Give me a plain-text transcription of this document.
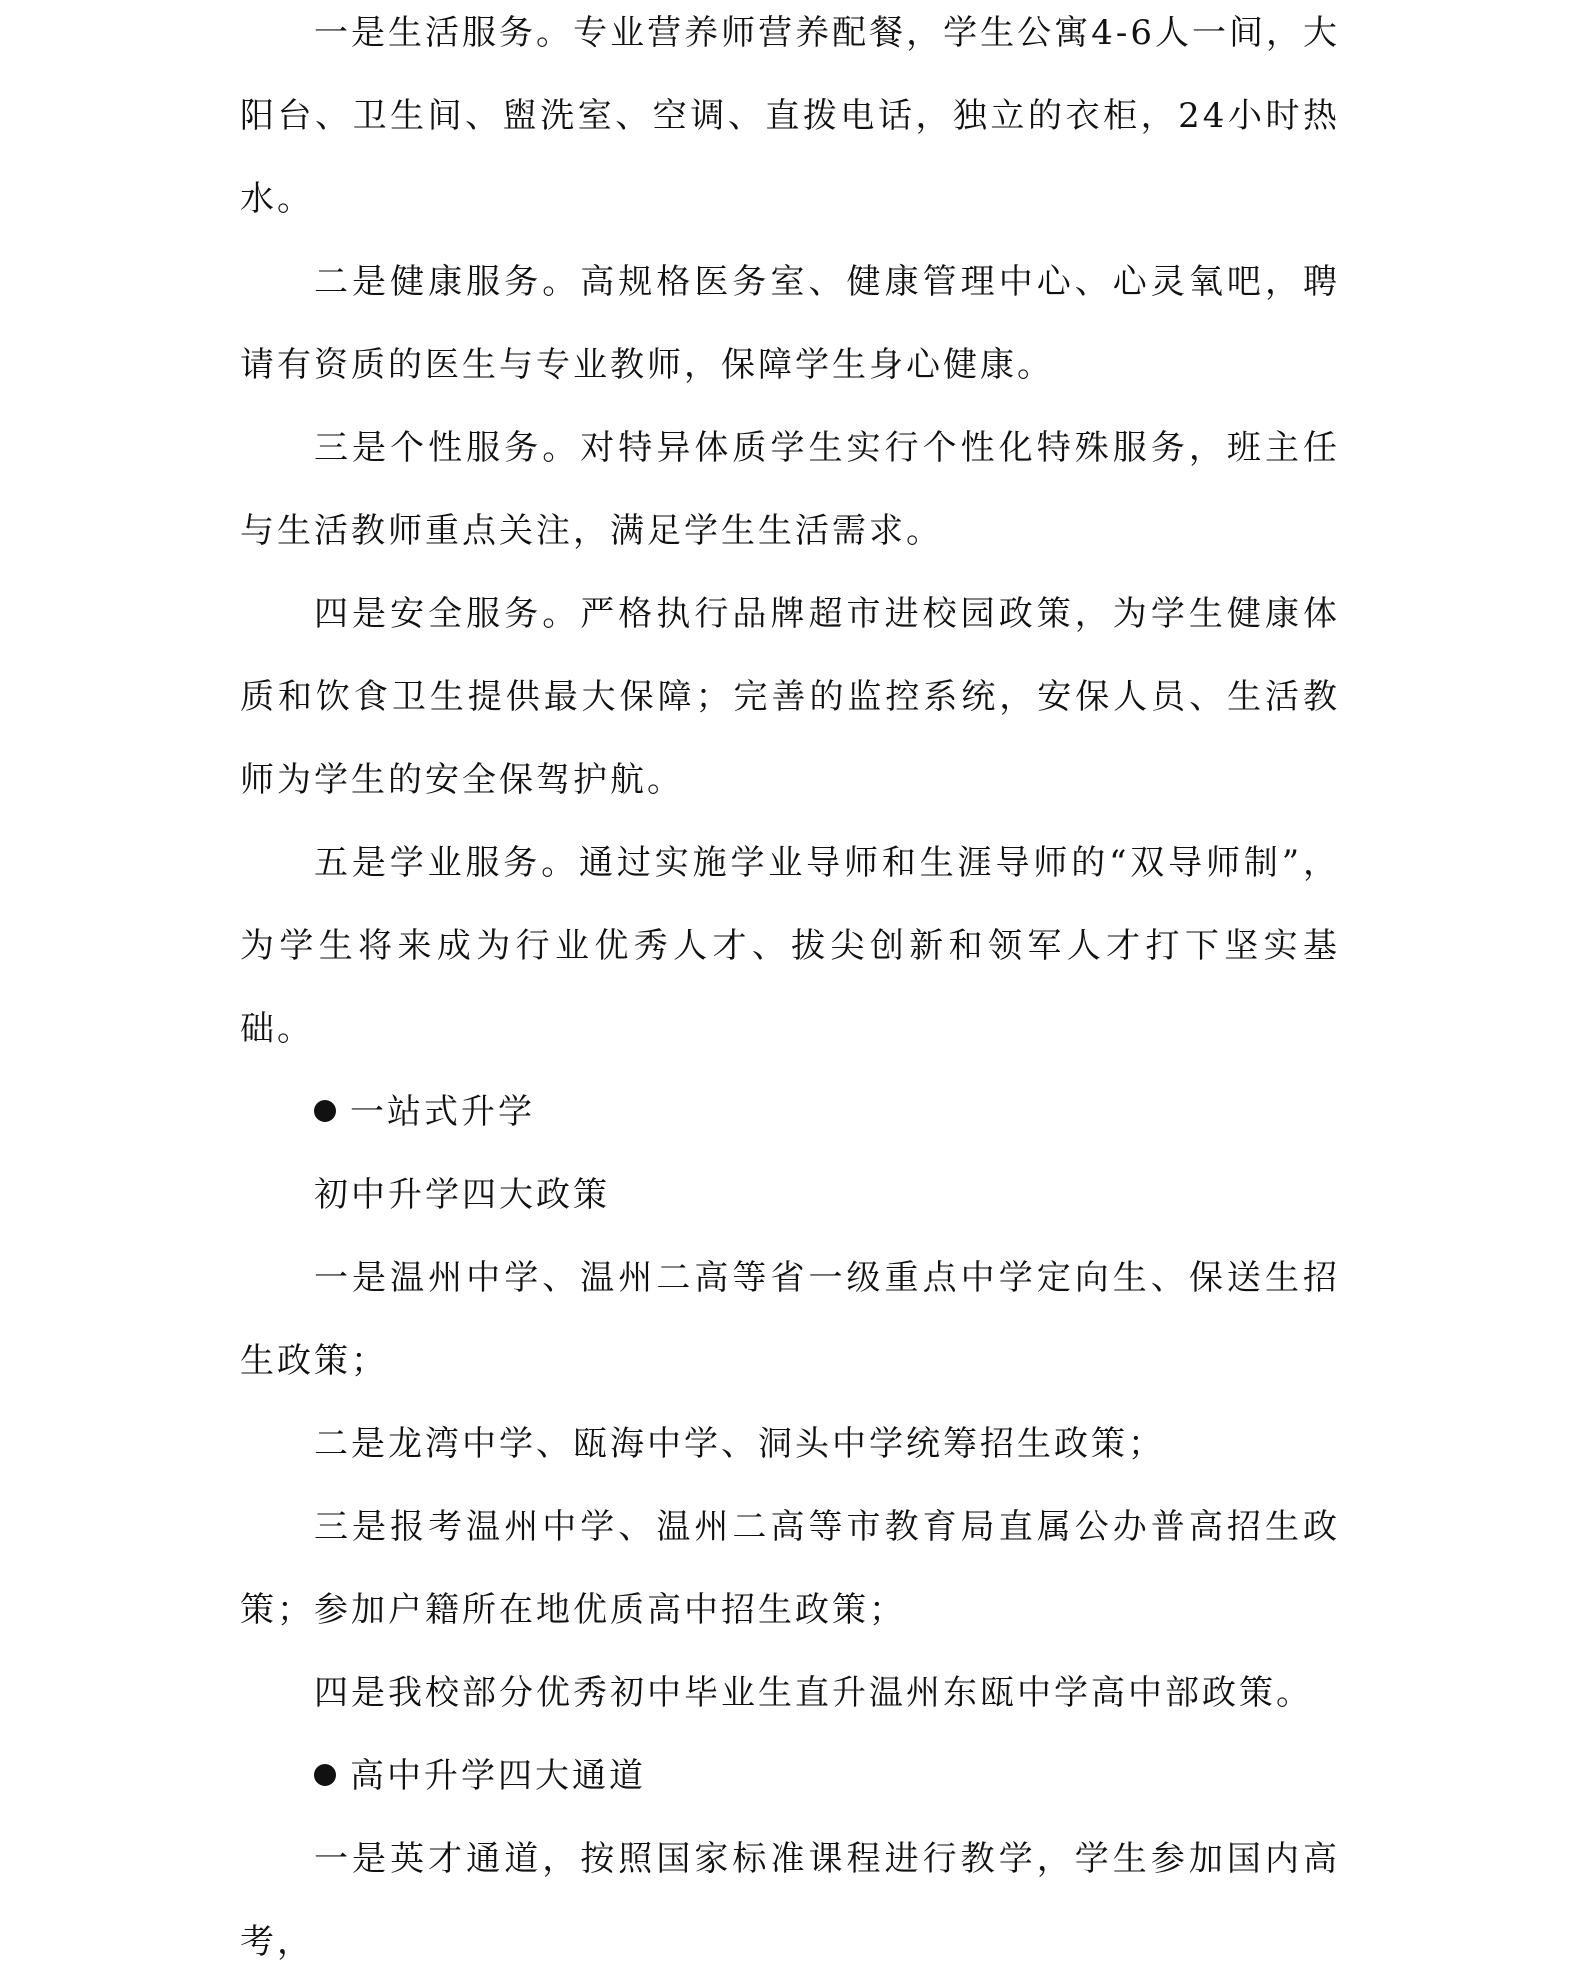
一是生活服务。专业营养师营养配餐，学生公寓4-6人一间，大阳台、卫生间、盥洗室、空调、直拨电话，独立的衣柜，24小时热水。

二是健康服务。高规格医务室、健康管理中心、心灵氧吧，聘请有资质的医生与专业教师，保障学生身心健康。

三是个性服务。对特异体质学生实行个性化特殊服务，班主任与生活教师重点关注，满足学生生活需求。

四是安全服务。严格执行品牌超市进校园政策，为学生健康体质和饮食卫生提供最大保障；完善的监控系统，安保人员、生活教师为学生的安全保驾护航。

五是学业服务。通过实施学业导师和生涯导师的“双导师制”，为学生将来成为行业优秀人才、拔尖创新和领军人才打下坚实基础。

一站式升学

初中升学四大政策

一是温州中学、温州二高等省一级重点中学定向生、保送生招生政策；

二是龙湾中学、瓯海中学、洞头中学统筹招生政策；

三是报考温州中学、温州二高等市教育局直属公办普高招生政策；参加户籍所在地优质高中招生政策；

四是我校部分优秀初中毕业生直升温州东瓯中学高中部政策。

高中升学四大通道

一是英才通道，按照国家标准课程进行教学，学生参加国内高考，
